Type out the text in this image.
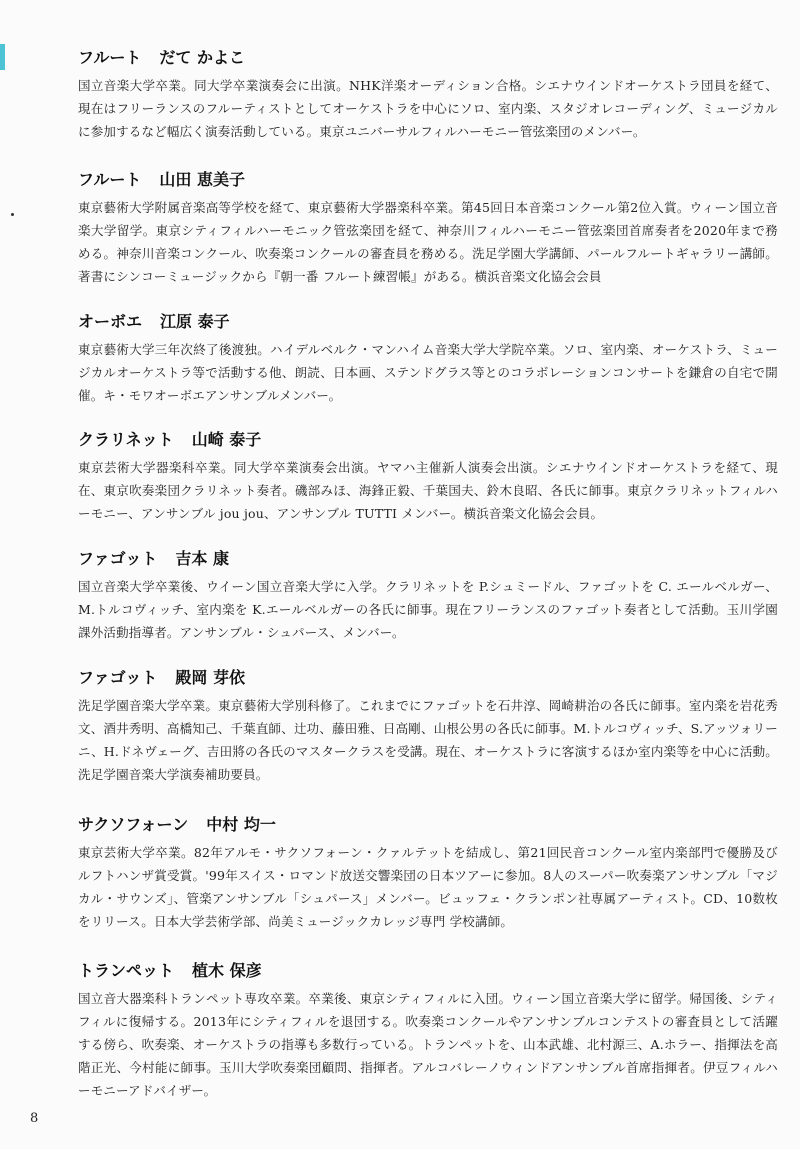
フルート だて かよこ

国立音楽大学卒業。同大学卒業演奏会に出演。NHK洋楽オーディション合格。シエナウインドオーケストラ団員を経て、現在はフリーランスのフルーティストとしてオーケストラを中心にソロ、室内楽、スタジオレコーディング、ミュージカルに参加するなど幅広く演奏活動している。東京ユニバーサルフィルハーモニー管弦楽団のメンバー。

フルート 山田 恵美子

東京藝術大学附属音楽高等学校を経て、東京藝術大学器楽科卒業。第45回日本音楽コンクール第2位入賞。ウィーン国立音楽大学留学。東京シティフィルハーモニック管弦楽団を経て、神奈川フィルハーモニー管弦楽団首席奏者を2020年まで務める。神奈川音楽コンクール、吹奏楽コンクールの審査員を務める。洗足学園大学講師、パールフルートギャラリー講師。著書にシンコーミュージックから『朝一番 フルート練習帳』がある。横浜音楽文化協会会員

オーボエ 江原 泰子

東京藝術大学三年次終了後渡独。ハイデルベルク・マンハイム音楽大学大学院卒業。ソロ、室内楽、オーケストラ、ミュージカルオーケストラ等で活動する他、朗読、日本画、ステンドグラス等とのコラボレーションコンサートを鎌倉の自宅で開催。キ・モワオーボエアンサンブルメンバー。

クラリネット 山崎 泰子

東京芸術大学器楽科卒業。同大学卒業演奏会出演。ヤマハ主催新人演奏会出演。シエナウインドオーケストラを経て、現在、東京吹奏楽団クラリネット奏者。磯部みほ、海鋒正毅、千葉国夫、鈴木良昭、各氏に師事。東京クラリネットフィルハーモニー、アンサンブル jou jou、アンサンブル TUTTI メンバー。横浜音楽文化協会会員。

ファゴット 吉本 康

国立音楽大学卒業後、ウイーン国立音楽大学に入学。クラリネットを P.シュミードル、ファゴットを C. エールベルガー、M.トルコヴィッチ、室内楽を K.エールベルガーの各氏に師事。現在フリーランスのファゴット奏者として活動。玉川学園課外活動指導者。アンサンブル・シュパース、メンバー。

ファゴット 殿岡 芽依

洗足学園音楽大学卒業。東京藝術大学別科修了。これまでにファゴットを石井淳、岡崎耕治の各氏に師事。室内楽を岩花秀文、酒井秀明、高橋知己、千葉直師、辻功、藤田雅、日高剛、山根公男の各氏に師事。M.トルコヴィッチ、S.アッツォリーニ、H.ドネヴェーグ、吉田將の各氏のマスタークラスを受講。現在、オーケストラに客演するほか室内楽等を中心に活動。洗足学園音楽大学演奏補助要員。

サクソフォーン 中村 均一

東京芸術大学卒業。82年アルモ・サクソフォーン・クァルテットを結成し、第21回民音コンクール室内楽部門で優勝及びルフトハンザ賞受賞。'99年スイス・ロマンド放送交響楽団の日本ツアーに参加。8人のスーパー吹奏楽アンサンブル「マジカル・サウンズ」、管楽アンサンブル「シュパース」メンバー。ビュッフェ・クランポン社専属アーティスト。CD、10数枚をリリース。日本大学芸術学部、尚美ミュージックカレッジ専門 学校講師。

トランペット 植木 保彦

国立音大器楽科トランペット専攻卒業。卒業後、東京シティフィルに入団。ウィーン国立音楽大学に留学。帰国後、シティフィルに復帰する。2013年にシティフィルを退団する。吹奏楽コンクールやアンサンブルコンテストの審査員として活躍する傍ら、吹奏楽、オーケストラの指導も多数行っている。トランペットを、山本武雄、北村源三、A.ホラー、指揮法を高階正光、今村能に師事。玉川大学吹奏楽団顧問、指揮者。アルコバレーノウィンドアンサンブル首席指揮者。伊豆フィルハーモニーアドバイザー。

8
